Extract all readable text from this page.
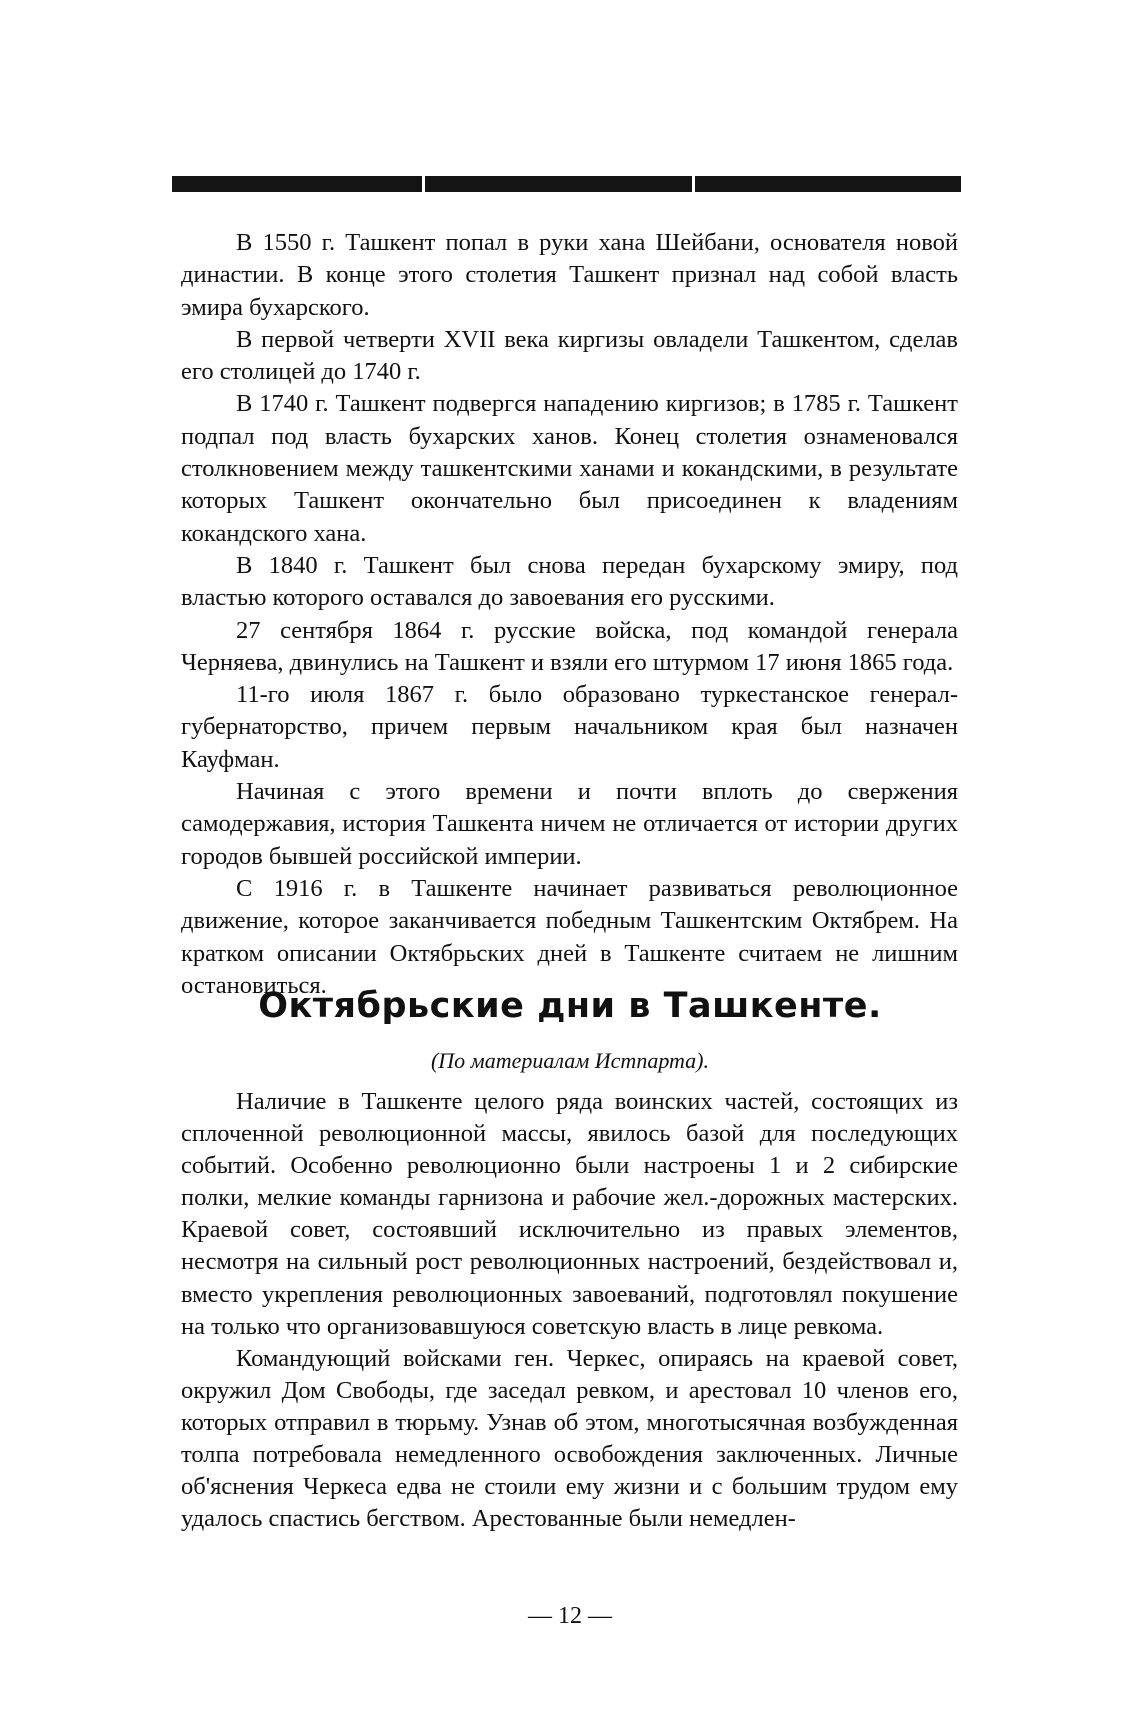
В 1550 г. Ташкент попал в руки хана Шейбани, основателя новой династии. В конце этого столетия Ташкент признал над собой власть эмира бухарского.

В первой четверти XVII века киргизы овладели Ташкентом, сделав его столицей до 1740 г.

В 1740 г. Ташкент подвергся нападению киргизов; в 1785 г. Ташкент подпал под власть бухарских ханов. Конец столетия ознаменовался столкновением между ташкентскими ханами и кокандскими, в результате которых Ташкент окончательно был присоединен к владениям кокандского хана.

В 1840 г. Ташкент был снова передан бухарскому эмиру, под властью которого оставался до завоевания его русскими.

27 сентября 1864 г. русские войска, под командой генерала Черняева, двинулись на Ташкент и взяли его штурмом 17 июня 1865 года.

11-го июля 1867 г. было образовано туркестанское генерал-губернаторство, причем первым начальником края был назначен Кауфман.

Начиная с этого времени и почти вплоть до свержения самодержавия, история Ташкента ничем не отличается от истории других городов бывшей российской империи.

С 1916 г. в Ташкенте начинает развиваться революционное движение, которое заканчивается победным Ташкентским Октябрем. На кратком описании Октябрьских дней в Ташкенте считаем не лишним остановиться.

Октябрьские дни в Ташкенте.
(По материалам Истпарта).

Наличие в Ташкенте целого ряда воинских частей, состоящих из сплоченной революционной массы, явилось базой для последующих событий. Особенно революционно были настроены 1 и 2 сибирские полки, мелкие команды гарнизона и рабочие жел.-дорожных мастерских. Краевой совет, состоявший исключительно из правых элементов, несмотря на сильный рост революционных настроений, бездействовал и, вместо укрепления революционных завоеваний, подготовлял покушение на только что организовавшуюся советскую власть в лице ревкома.

Командующий войсками ген. Черкес, опираясь на краевой совет, окружил Дом Свободы, где заседал ревком, и арестовал 10 членов его, которых отправил в тюрьму. Узнав об этом, многотысячная возбужденная толпа потребовала немедленного освобождения заключенных. Личные об'яснения Черкеса едва не стоили ему жизни и с большим трудом ему удалось спастись бегством. Арестованные были немедлен-

— 12 —
